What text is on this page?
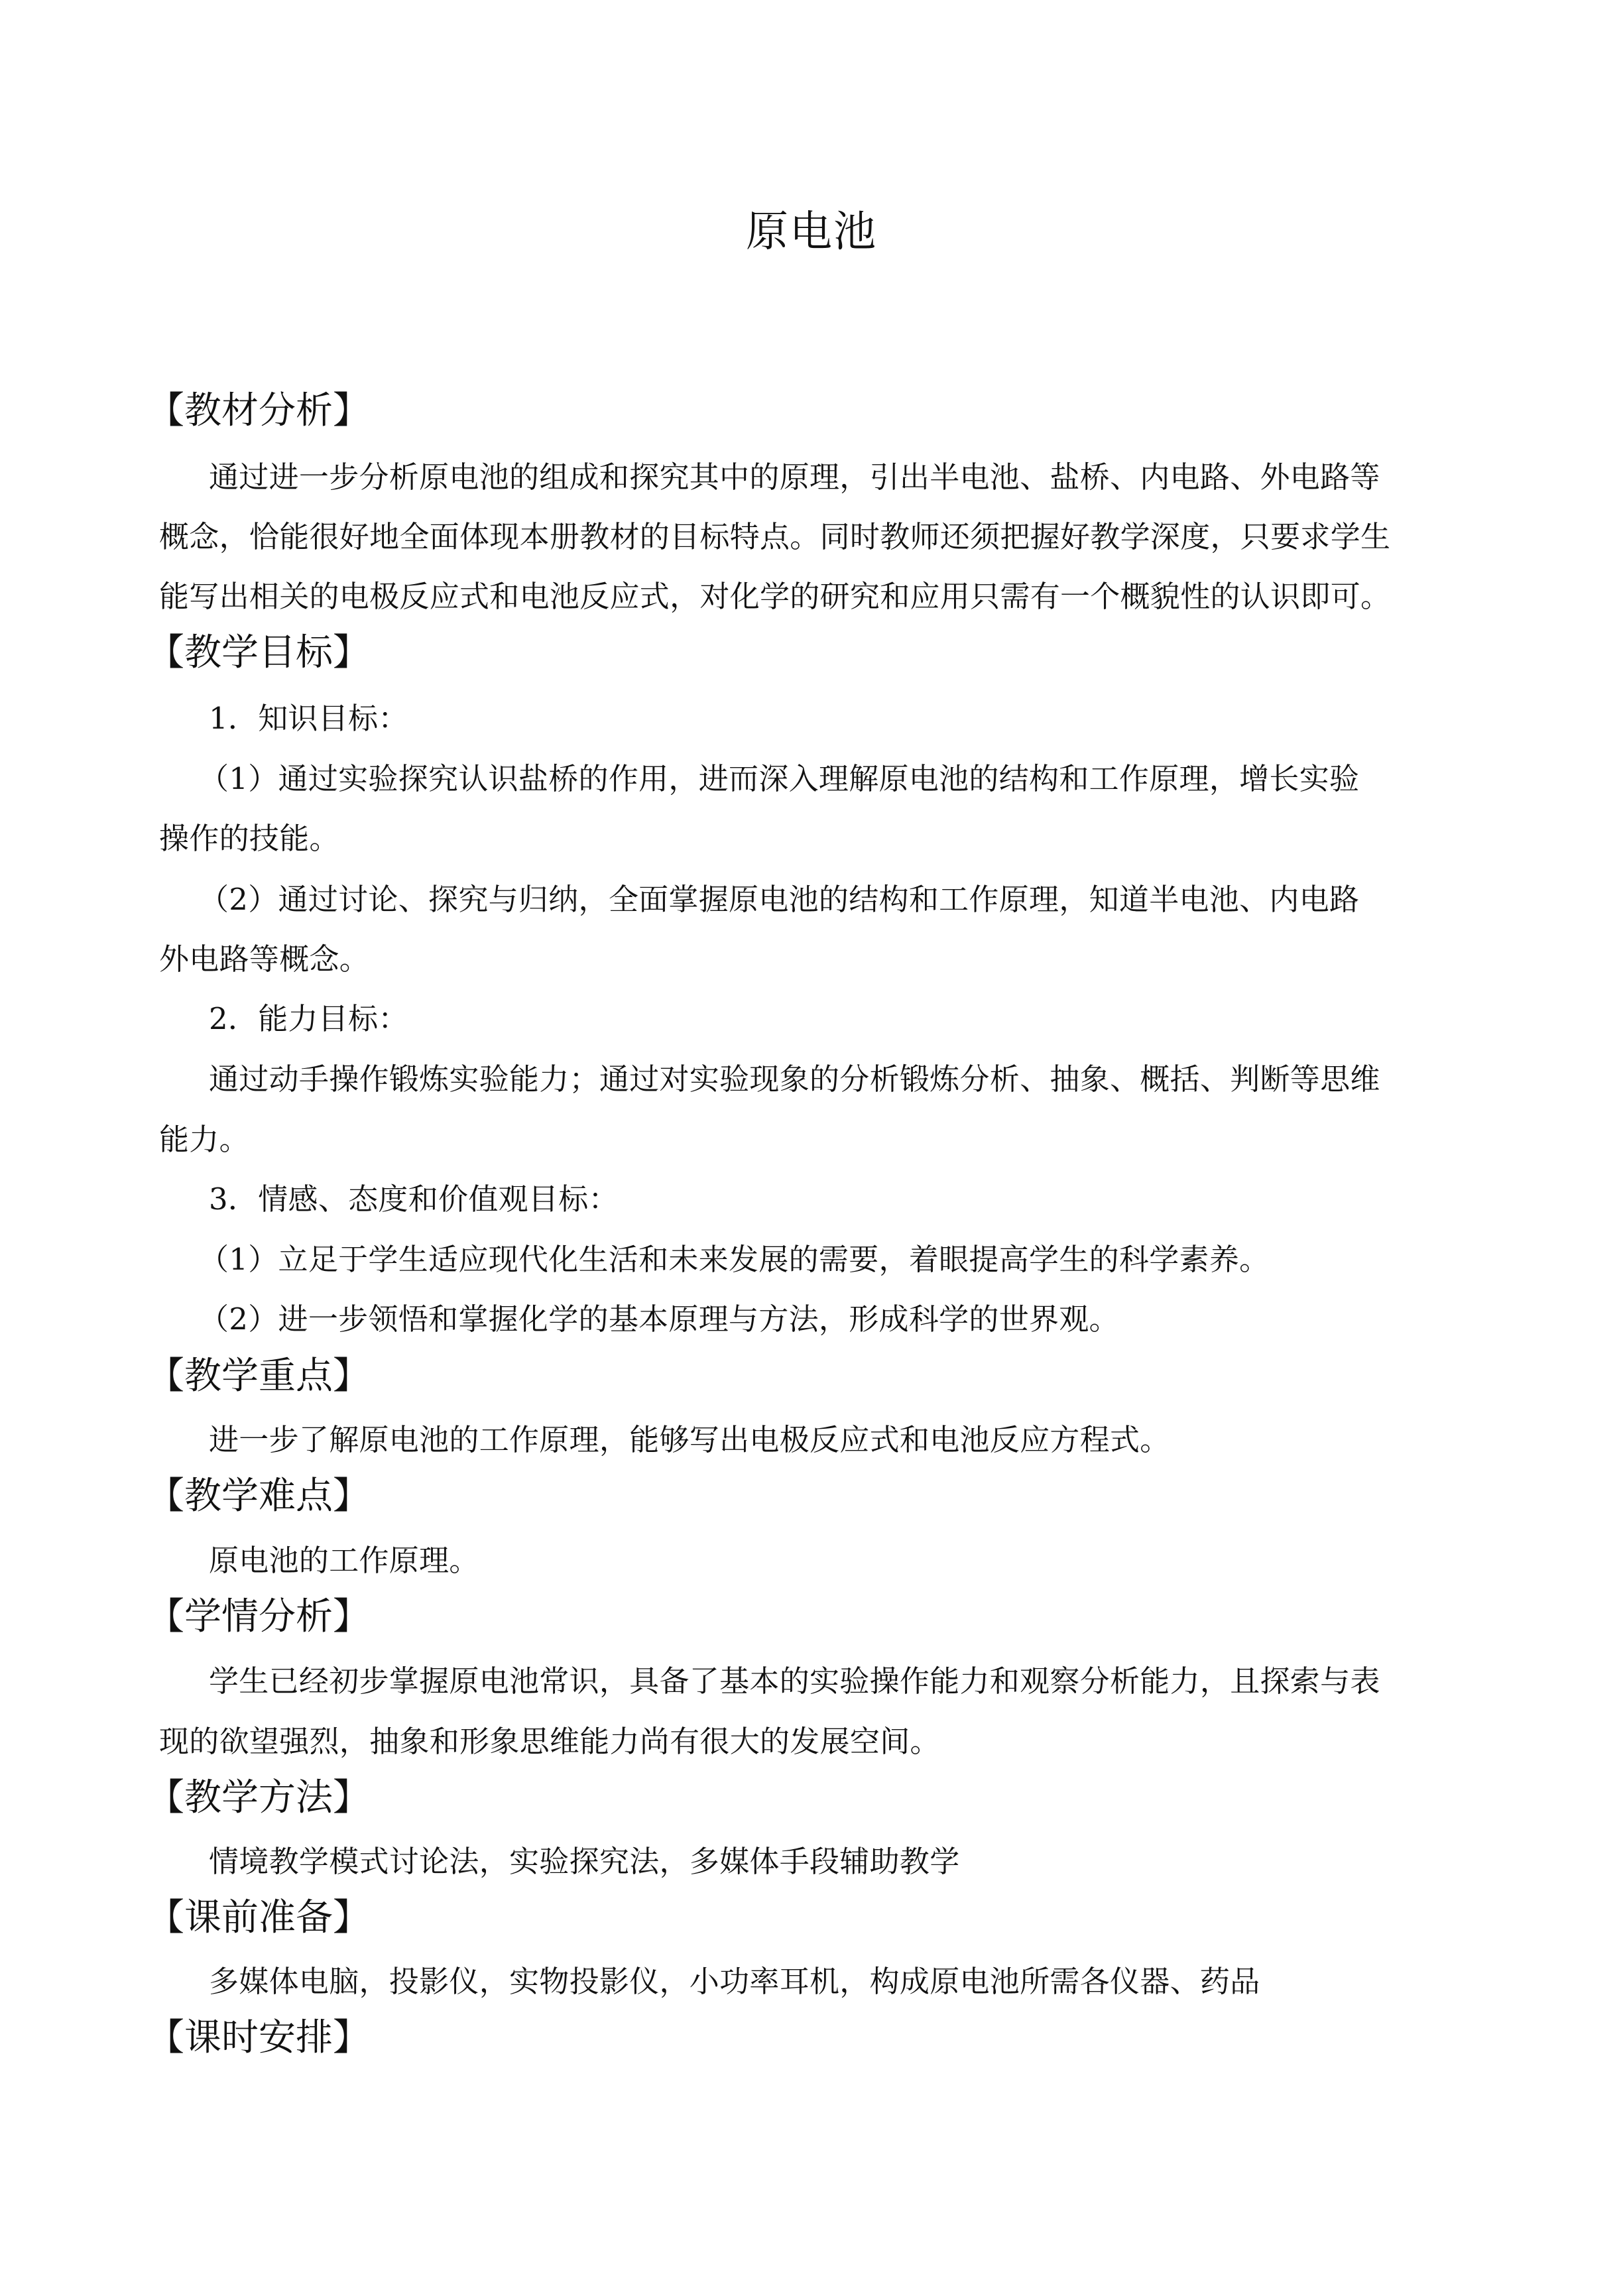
原电池
【教材分析】
通过进一步分析原电池的组成和探究其中的原理，引出半电池、盐桥、内电路、外电路等
概念，恰能很好地全面体现本册教材的目标特点。同时教师还须把握好教学深度，只要求学生
能写出相关的电极反应式和电池反应式，对化学的研究和应用只需有一个概貌性的认识即可。
【教学目标】
1．知识目标：
（1）通过实验探究认识盐桥的作用，进而深入理解原电池的结构和工作原理，增长实验
操作的技能。
（2）通过讨论、探究与归纳，全面掌握原电池的结构和工作原理，知道半电池、内电路
外电路等概念。
2．能力目标：
通过动手操作锻炼实验能力；通过对实验现象的分析锻炼分析、抽象、概括、判断等思维
能力。
3．情感、态度和价值观目标：
（1）立足于学生适应现代化生活和未来发展的需要，着眼提高学生的科学素养。
（2）进一步领悟和掌握化学的基本原理与方法，形成科学的世界观。
【教学重点】
进一步了解原电池的工作原理，能够写出电极反应式和电池反应方程式。
【教学难点】
原电池的工作原理。
【学情分析】
学生已经初步掌握原电池常识，具备了基本的实验操作能力和观察分析能力，且探索与表
现的欲望强烈，抽象和形象思维能力尚有很大的发展空间。
【教学方法】
情境教学模式讨论法，实验探究法，多媒体手段辅助教学
【课前准备】
多媒体电脑，投影仪，实物投影仪，小功率耳机，构成原电池所需各仪器、药品
【课时安排】
